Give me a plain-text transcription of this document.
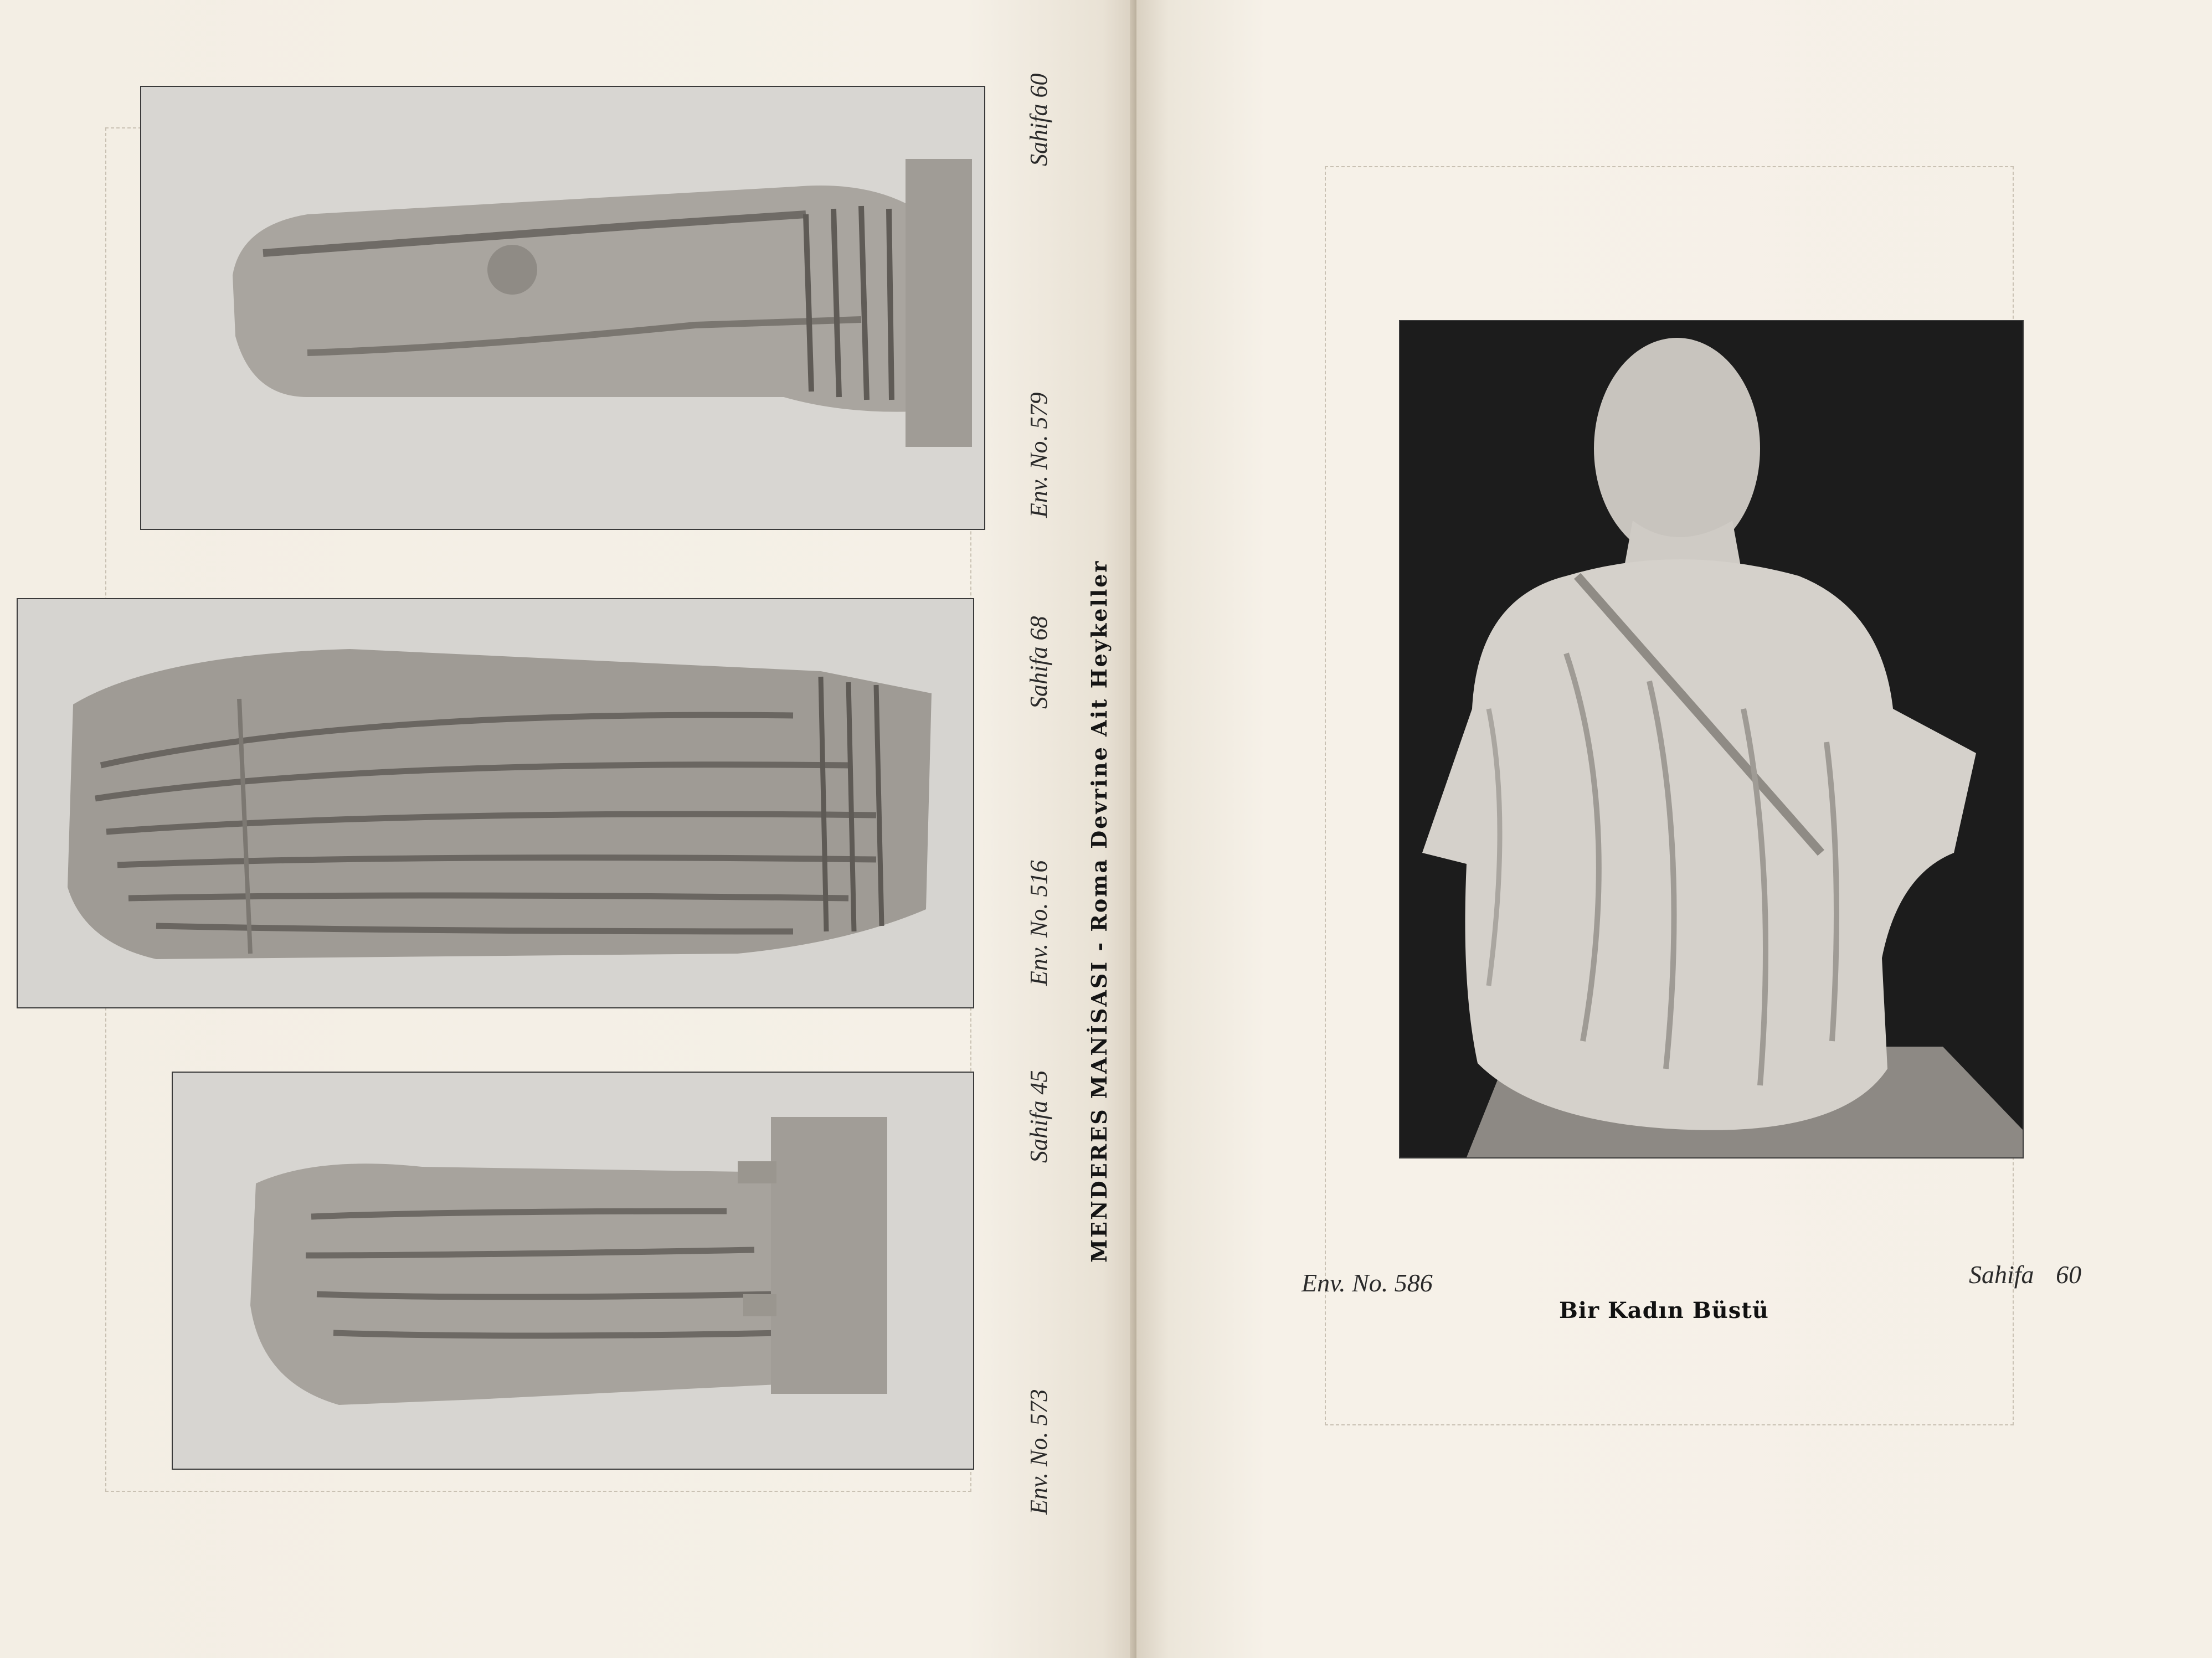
Sahifa 60
Env. No. 579
Sahifa 68
Env. No. 516
Sahifa 45
Env. No. 573
MENDERES MANİSASI - Roma Devrine Ait Heykeller
Env. No. 586	Sahifa 60
Bir Kadın Büstü
